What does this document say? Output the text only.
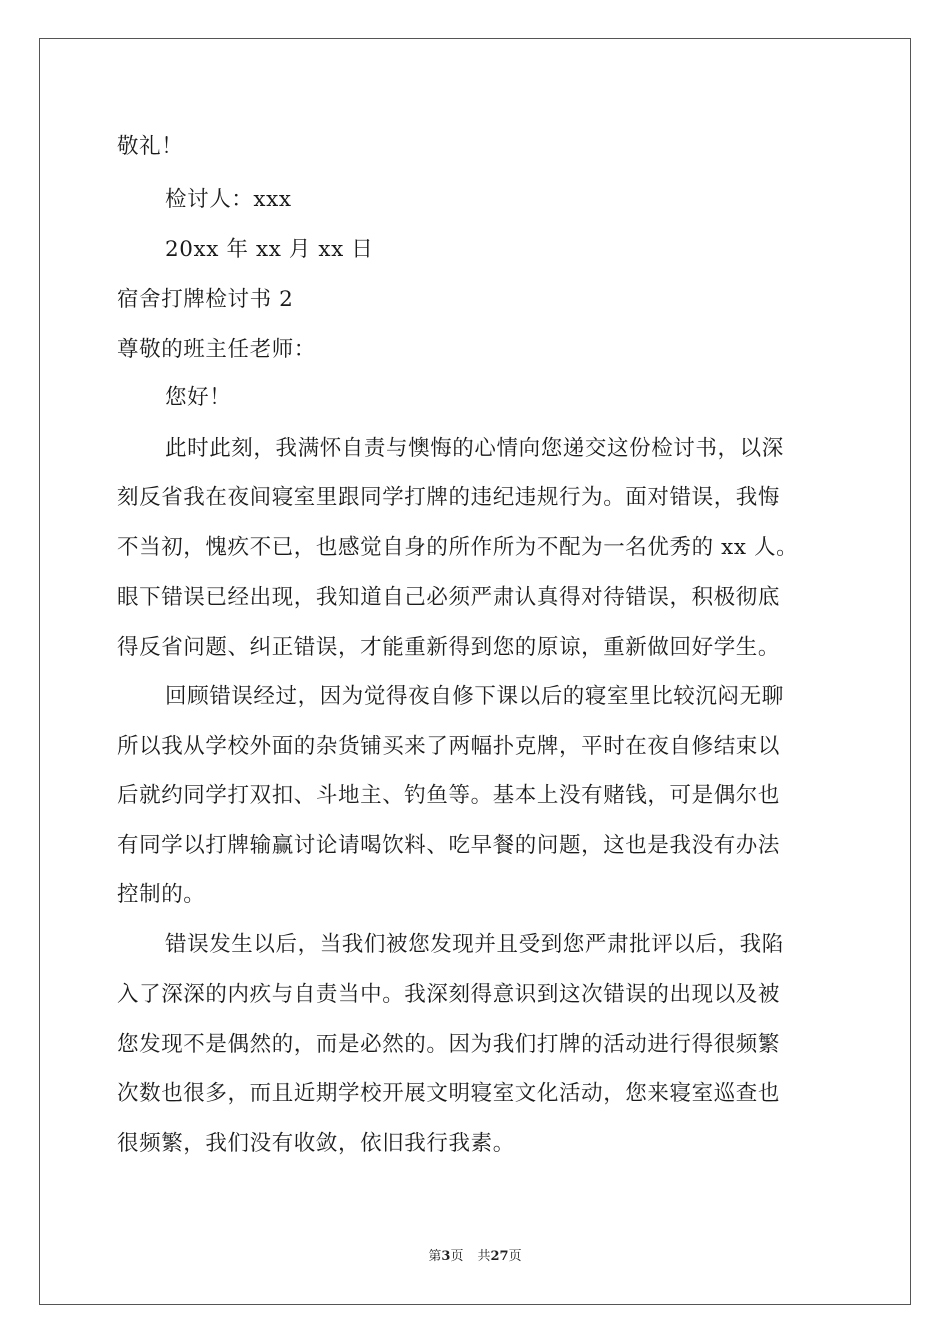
敬礼！
检讨人：xxx
20xx 年 xx 月 xx 日
宿舍打牌检讨书 2
尊敬的班主任老师：
您好！
此时此刻，我满怀自责与懊悔的心情向您递交这份检讨书，以深
刻反省我在夜间寝室里跟同学打牌的违纪违规行为。面对错误，我悔
不当初，愧疚不已，也感觉自身的所作所为不配为一名优秀的 xx 人。
眼下错误已经出现，我知道自己必须严肃认真得对待错误，积极彻底
得反省问题、纠正错误，才能重新得到您的原谅，重新做回好学生。
回顾错误经过，因为觉得夜自修下课以后的寝室里比较沉闷无聊
所以我从学校外面的杂货铺买来了两幅扑克牌，平时在夜自修结束以
后就约同学打双扣、斗地主、钓鱼等。基本上没有赌钱，可是偶尔也
有同学以打牌输赢讨论请喝饮料、吃早餐的问题，这也是我没有办法
控制的。
错误发生以后，当我们被您发现并且受到您严肃批评以后，我陷
入了深深的内疚与自责当中。我深刻得意识到这次错误的出现以及被
您发现不是偶然的，而是必然的。因为我们打牌的活动进行得很频繁
次数也很多，而且近期学校开展文明寝室文化活动，您来寝室巡查也
很频繁，我们没有收敛，依旧我行我素。
第3页 共27页
